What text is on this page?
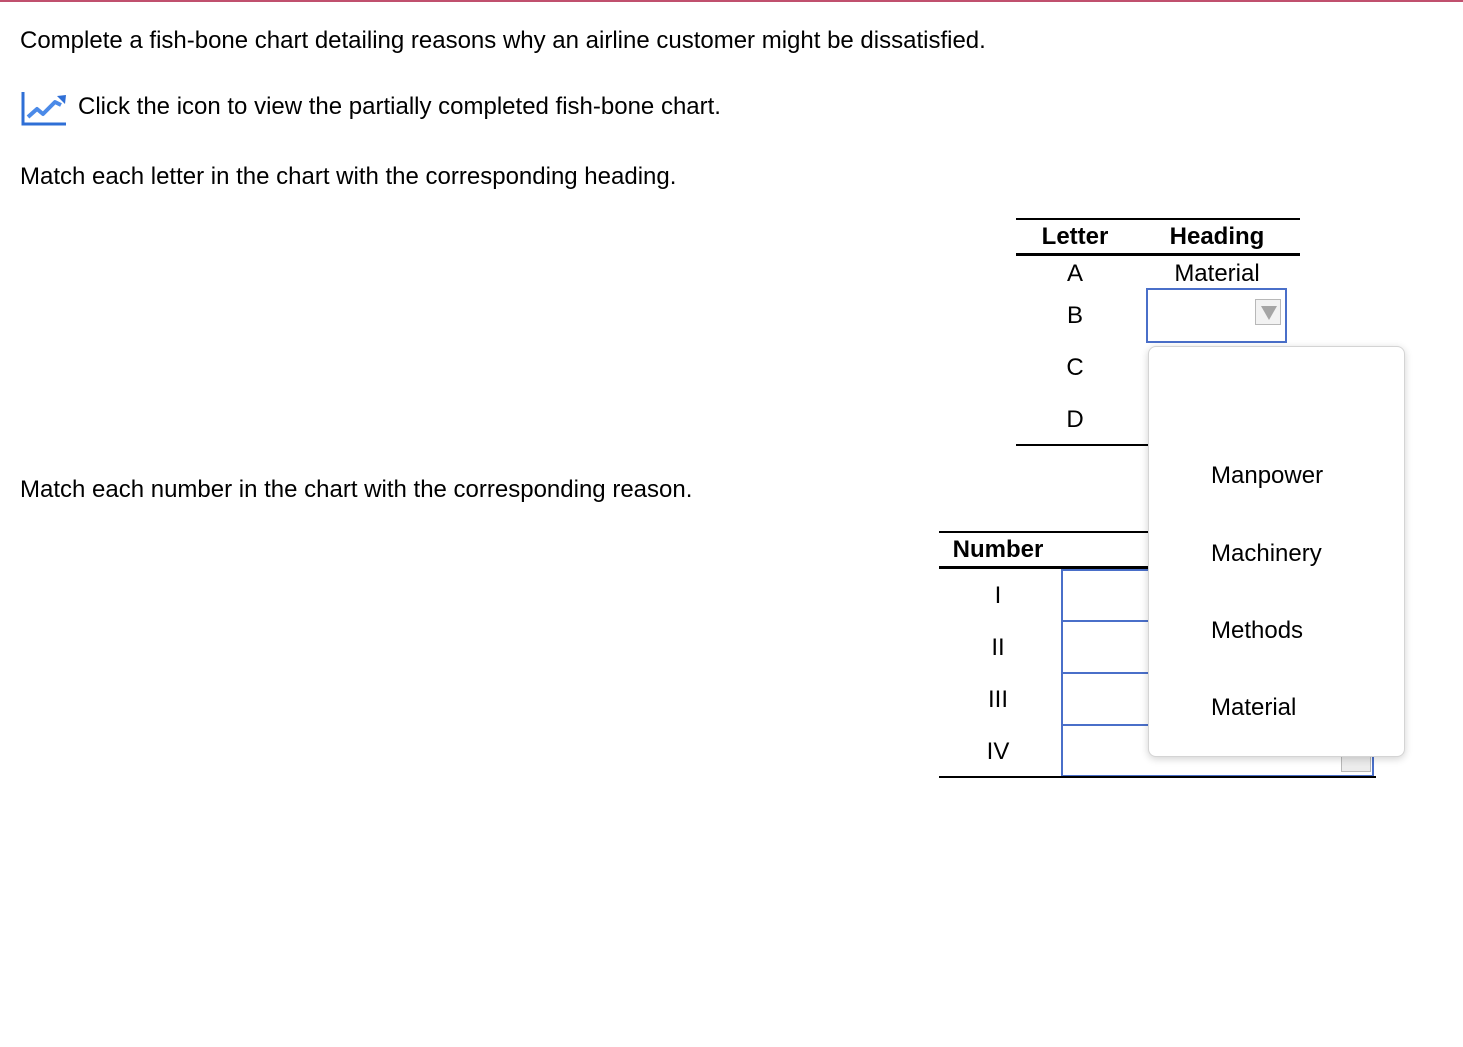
Complete a fish-bone chart detailing reasons why an airline customer might be dissatisfied.
Click the icon to view the partially completed fish-bone chart.
Match each letter in the chart with the corresponding heading.
Letter	Heading
A	Material
B
C
D
Match each number in the chart with the corresponding reason.
Number
I
II
III
IV
Manpower
Machinery
Methods
Material
